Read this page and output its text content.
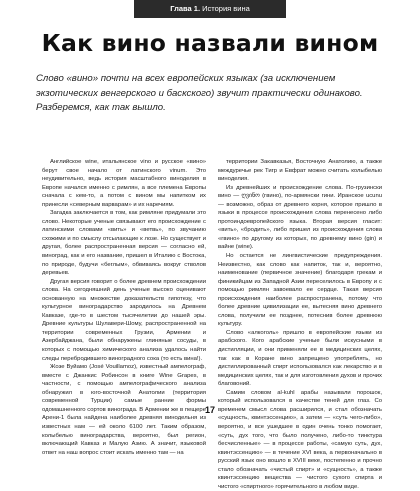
Глава 1.
История вина
Как вино назвали вином

Слово «вино» почти на всех европейских языках (за исключением экзотических венгерского и баскского) звучит практически одинаково.

Разберемся, как так вышло.

Английское wine, итальянское vino и русское «вино» берут свое начало от латинского vinum. Это неудивительно, ведь история масштабного виноделия в Европе начался именно с римлян, а все племена Европы сначала с кем-то, а потом с вином мы напитком их принесли «северным варварам» и их наречиям.

Загадка заключается в том, как римляне придумали это слово. Некоторые ученые связывают его происхождение с латинскими словами «вить» и «ветвь», по звучанию схожими и по смыслу отсылающие к лозе. Но существует и другая, более распространенная версия — согласно ей, виноград, как и его название, пришел в Италию с Востока, по природе, будучи «беглым», обвиваясь вокруг стволов деревьев.

Другая версия говорит о более древнем происхождении слова. На сегодняшний день ученые высоко оценивают основанную на множестве доказательств гипотезу, что культурное виноградарство зародилось на Древнем Кавказе, где-то в шестом тысячелетии до нашей эры. Древние культуры Шулавери-Шому, распространенной на территории современных Грузии, Армении и Азербайджана, были обнаружены глиняные сосуды, в которых с помощью химического анализа удалось найти следы перебродившего виноградного сока (то есть вина!).

Жозе Вуйамо (José Vouillamoz), известный ампелограф, вместе с Джанкис Робинсон в книге Wine Grapes, в частности, с помощью ампелографического анализа обнаружил в юго-восточной Анатолии (территория современной Турции) самые ранние формы одомашненного сортов винограда. В Армении же в пещере Арени-1 была найдена наиболее древняя винодельня из известных нам — ей около 6100 лет. Таким образом, колыбелью виноградарства, вероятно, был регион, включающий Кавказ и Малую Азию. А значит, языковой ответ на наш вопрос стоит искать именно там — на

территории Закавказья, Восточную Анатолию, а также междуречье рек Тигр и Евфрат можно считать колыбелью виноделия.

Из древнейших и происхождение слова. По-грузински вино — ღვინო (гвино), по-армянски гини. Иранское ucunu — возможно, образ от древнего корня, которое пришло в языки в процессе происхождения слова перенесено либо протоиндоевропейского языка. Вторая версия гласит: «вить», «бродить», либо пришел из происхождения слова «гвино» по другому из которых, по древнему вино (gin) и вайне (wine).

Но остается не лингвистические предупреждения. Неизвестно, как слово как напиток, так и, вероятно, наименование (первичное значение) благодаря грекам и финикийцам из Западной Азии переселилось в Европу и с помощью римлян завоевало ее сердце. Такая версия происхождения наиболее распространена, потому что более древние цивилизации ее, вытесняя вино древнего слова, получили ее позднее, потеснив более древнюю культуру.

Слово «алкоголь» пришло в европейские языки из арабского. Кого арабские ученые были искусными в дистилляции, и они применяли ее в медицинских целях, так как в Коране вино запрещено употреблять, но дистиллированный спирт использовался как лекарство и в медицинских целях, так и для изготовления духов и прочих благовоний.

Самим словом al-kuhl арабы называли порошок, который использовался в качестве теней для глаз. Со временем смысл слова расширился, и стал обозначать «сущность, квинтэссенцию», а затем — «суть чего-либо», вероятно, и все ушедшее в один очень тонко помогает, «суть, дух того, что было получено, либо-то тинктура бесчисленные» — в процессе работы, «самую суть, дух, квинтэссенцию» — в течение XVI века, а первоначально в русский язык оно вошло в XVIII веке, постепенно и прочно стало обозначать «чистый спирт» и «сущность», а также квинтэссенцию вещества — чистого сухого спирта и чистого «спиртного» горячительного в любом виде.

17
